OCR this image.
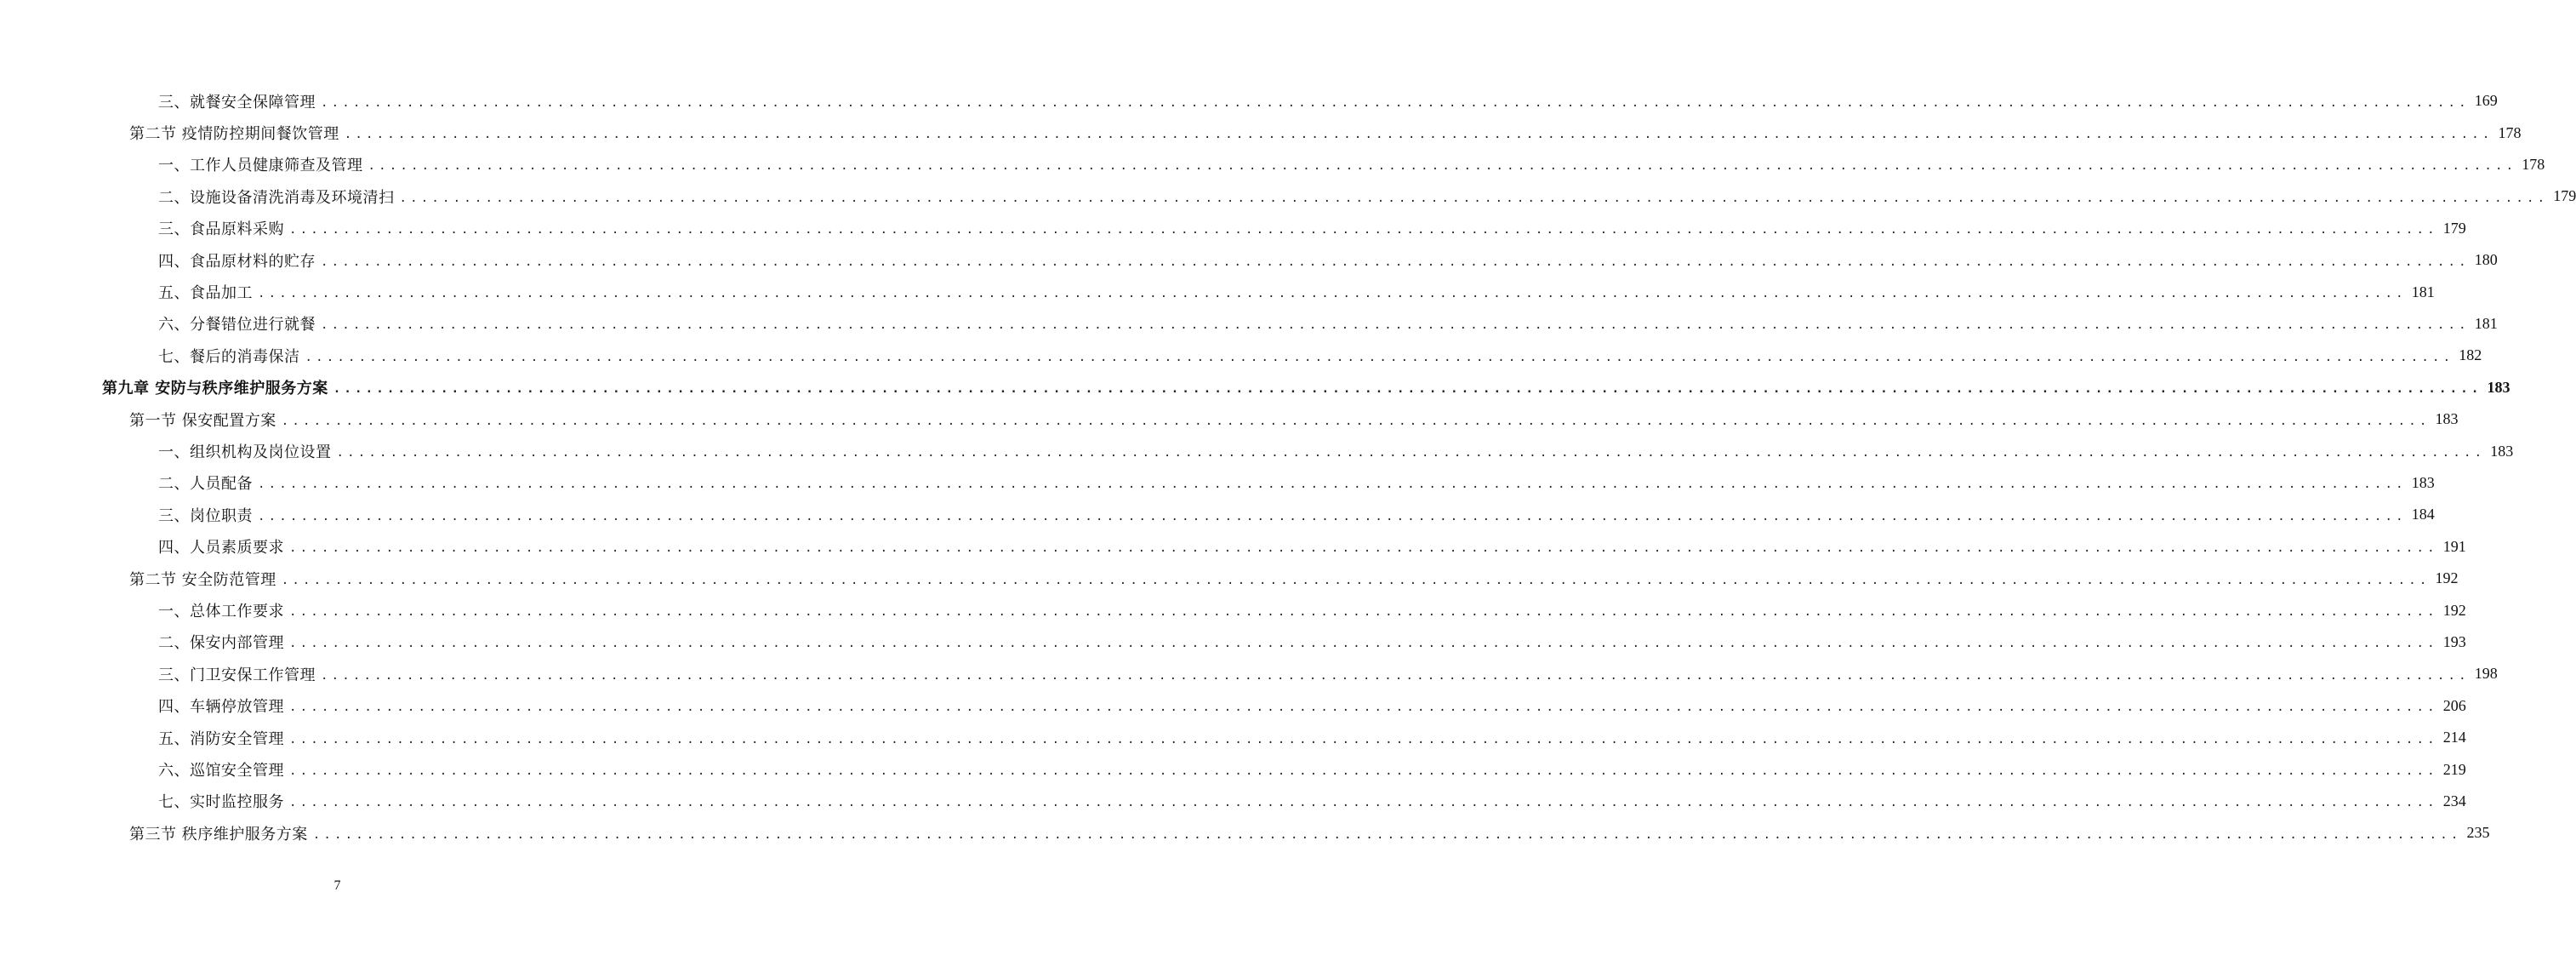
三、就餐安全保障管理 ........................................................................................................................................................................................................ 169
第二节 疫情防控期间餐饮管理 ........................................................................................................................................................................................................ 178
一、工作人员健康筛查及管理 ........................................................................................................................................................................................................ 178
二、设施设备清洗消毒及环境清扫 ........................................................................................................................................................................................................ 179
三、食品原料采购 ........................................................................................................................................................................................................ 179
四、食品原材料的贮存 ........................................................................................................................................................................................................ 180
五、食品加工 ........................................................................................................................................................................................................ 181
六、分餐错位进行就餐 ........................................................................................................................................................................................................ 181
七、餐后的消毒保洁 ........................................................................................................................................................................................................ 182
第九章 安防与秩序维护服务方案 ........................................................................................................................................................................................................ 183
第一节 保安配置方案 ........................................................................................................................................................................................................ 183
一、组织机构及岗位设置 ........................................................................................................................................................................................................ 183
二、人员配备 ........................................................................................................................................................................................................ 183
三、岗位职责 ........................................................................................................................................................................................................ 184
四、人员素质要求 ........................................................................................................................................................................................................ 191
第二节 安全防范管理 ........................................................................................................................................................................................................ 192
一、总体工作要求 ........................................................................................................................................................................................................ 192
二、保安内部管理 ........................................................................................................................................................................................................ 193
三、门卫安保工作管理 ........................................................................................................................................................................................................ 198
四、车辆停放管理 ........................................................................................................................................................................................................ 206
五、消防安全管理 ........................................................................................................................................................................................................ 214
六、巡馆安全管理 ........................................................................................................................................................................................................ 219
七、实时监控服务 ........................................................................................................................................................................................................ 234
第三节 秩序维护服务方案 ........................................................................................................................................................................................................ 235
7
